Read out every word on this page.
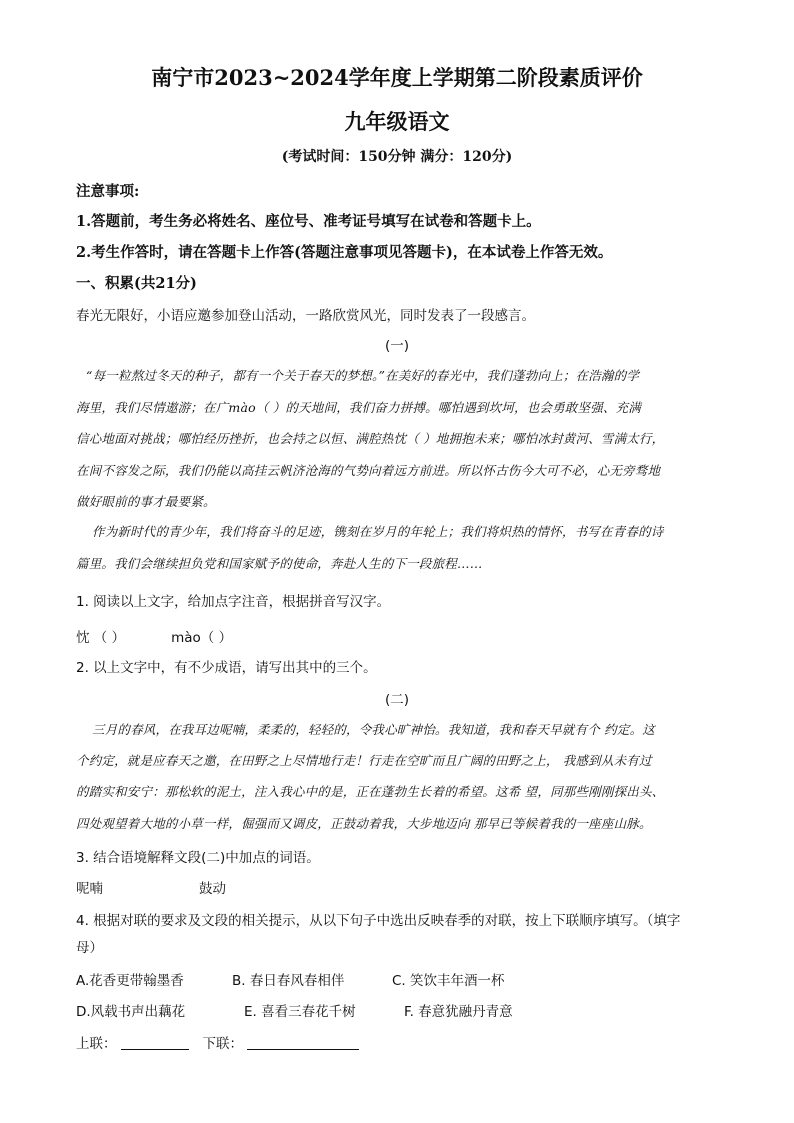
南宁市2023~2024学年度上学期第二阶段素质评价
九年级语文
(考试时间：150分钟 满分：120分)
注意事项:
1.答题前，考生务必将姓名、座位号、准考证号填写在试卷和答题卡上。
2.考生作答时，请在答题卡上作答(答题注意事项见答题卡)，在本试卷上作答无效。
一、积累(共21分)
春光无限好，小语应邀参加登山活动，一路欣赏风光，同时发表了一段感言。
(一)
“每一粒熬过冬天的种子，都有一个关于春天的梦想。”在美好的春光中，我们蓬勃向上；在浩瀚的学
海里，我们尽情遨游；在广mào（ ）的天地间，我们奋力拼搏。哪怕遇到坎坷，也会勇敢坚强、充满
信心地面对挑战；哪怕经历挫折，也会持之以恒、满腔热忱（ ）地拥抱未来；哪怕冰封黄河、雪满太行，
在间不容发之际，我们仍能以高挂云帆济沧海的气势向着远方前进。所以怀古伤今大可不必，心无旁骛地
做好眼前的事才最要紧。
作为新时代的青少年，我们将奋斗的足迹，镌刻在岁月的年轮上；我们将炽热的情怀，书写在青春的诗
篇里。我们会继续担负党和国家赋予的使命，奔赴人生的下一段旅程……
1. 阅读以上文字，给加点字注音，根据拼音写汉字。
忱 （ ）	mào（ ）
2. 以上文字中，有不少成语，请写出其中的三个。
(二)
三月的春风，在我耳边呢喃，柔柔的，轻轻的，令我心旷神怡。我知道，我和春天早就有个 约定。这
个约定，就是应春天之邀，在田野之上尽情地行走！行走在空旷而且广阔的田野之上， 我感到从未有过
的踏实和安宁：那松软的泥土，注入我心中的是，正在蓬勃生长着的希望。这希 望，同那些刚刚探出头、
四处观望着大地的小草一样，倔强而又调皮，正鼓动着我，大步地迈向 那早已等候着我的一座座山脉。
3. 结合语境解释文段(二)中加点的词语。
呢喃	鼓动
4. 根据对联的要求及文段的相关提示，从以下句子中选出反映春季的对联，按上下联顺序填写。（填字
母）
A.花香更带翰墨香	B. 春日春风春相伴	C. 笑饮丰年酒一杯
D.风载书声出藕花	E. 喜看三春花千树	F. 春意犹融丹青意
上联：	下联：
